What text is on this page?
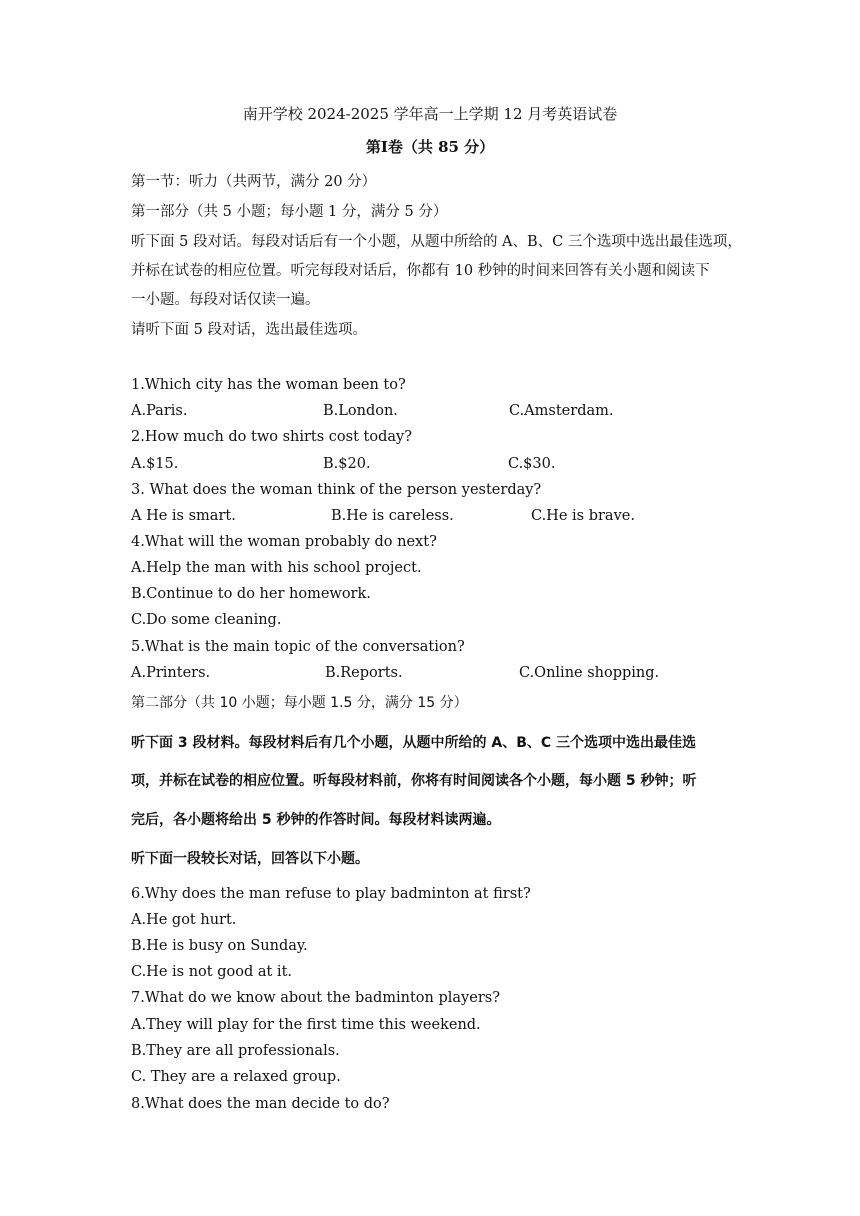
南开学校 2024-2025 学年高一上学期 12 月考英语试卷
第Ⅰ卷（共 85 分）
第一节：听力（共两节，满分 20 分）
第一部分（共 5 小题；每小题 1 分，满分 5 分）
听下面 5 段对话。每段对话后有一个小题，从题中所给的 A、B、C 三个选项中选出最佳选项，
并标在试卷的相应位置。听完每段对话后，你都有 10 秒钟的时间来回答有关小题和阅读下
一小题。每段对话仅读一遍。
请听下面 5 段对话，选出最佳选项。
1.Which city has the woman been to?
A.Paris.	B.London.	C.Amsterdam.
2.How much do two shirts cost today?
A.$15.	B.$20.	C.$30.
3. What does the woman think of the person yesterday?
A He is smart.	B.He is careless.	C.He is brave.
4.What will the woman probably do next?
A.Help the man with his school project.
B.Continue to do her homework.
C.Do some cleaning.
5.What is the main topic of the conversation?
A.Printers.	B.Reports.	C.Online shopping.
第二部分（共 10 小题；每小题 1.5 分，满分 15 分）
听下面 3 段材料。每段材料后有几个小题，从题中所给的 A、B、C 三个选项中选出最佳选
项，并标在试卷的相应位置。听每段材料前，你将有时间阅读各个小题，每小题 5 秒钟；听
完后，各小题将给出 5 秒钟的作答时间。每段材料读两遍。
听下面一段较长对话，回答以下小题。
6.Why does the man refuse to play badminton at first?
A.He got hurt.
B.He is busy on Sunday.
C.He is not good at it.
7.What do we know about the badminton players?
A.They will play for the first time this weekend.
B.They are all professionals.
C. They are a relaxed group.
8.What does the man decide to do?
